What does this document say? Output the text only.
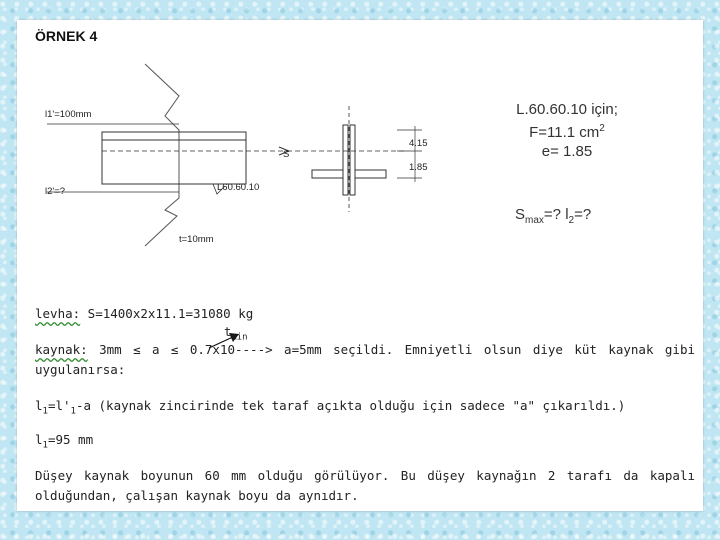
ÖRNEK 4
l1'=100mm
l2'=?	L60.60.10
t=10mm
S
4.15
1.85
L.60.60.10 için;
F=11.1 $cm^2$
e= 1.85
$S_{max}=$? $l_2=$?
levha: S=1400x2x11.1=31080 kg
$t_{min}$
kaynak: 3mm ≤ a ≤ 0.7x10----> a=5mm seçildi. Emniyetli olsun diye küt kaynak gibi uygulanırsa:
$l_1=l'_1-a$ (kaynak zincirinde tek taraf açıkta olduğu için sadece "a" çıkarıldı.)
$l_1=95$ mm
Düşey kaynak boyunun 60 mm olduğu görülüyor. Bu düşey kaynağın 2 tarafı da kapalı olduğundan, çalışan kaynak boyu da aynıdır.
